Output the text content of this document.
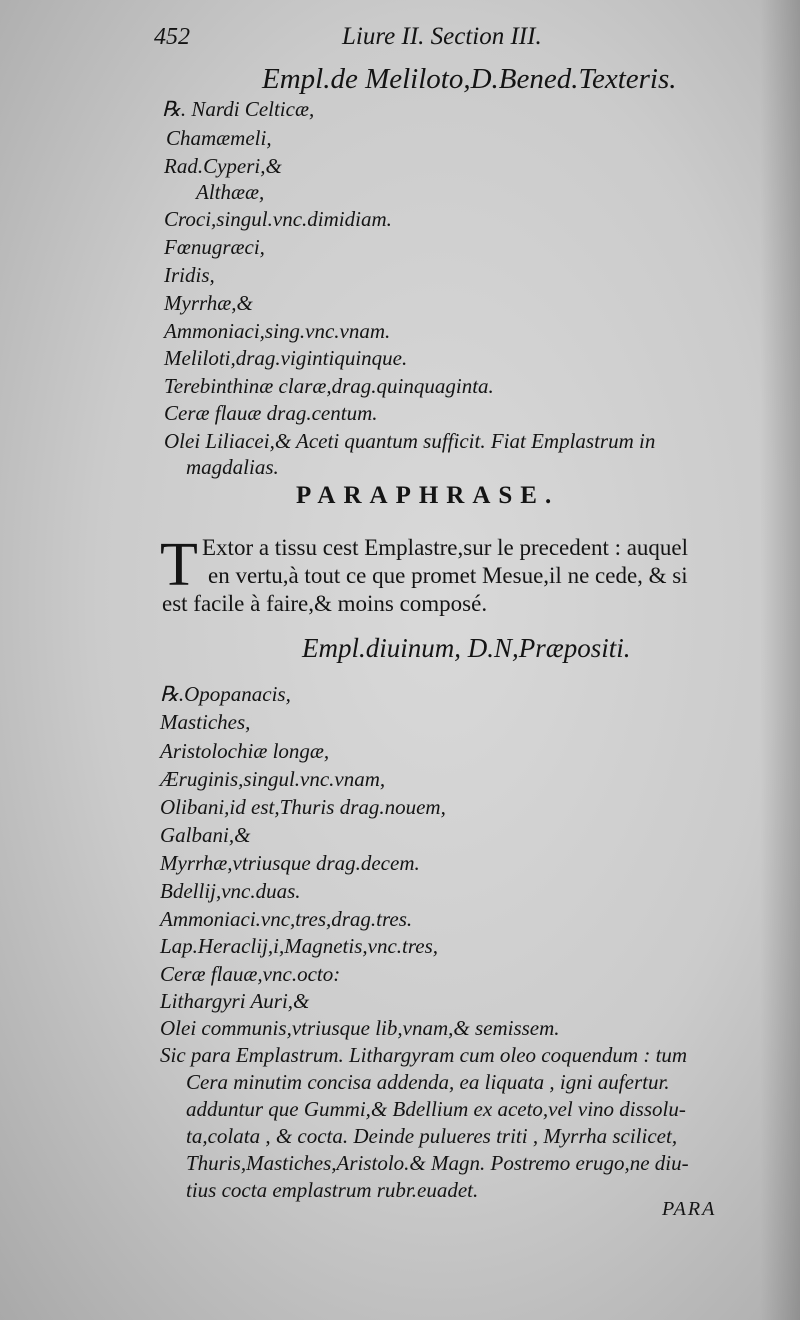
452	Liure II. Section III.
Empl.de Meliloto,D.Bened.Texteris.
℞. Nardi Celticæ,
Chamæmeli,
Rad.Cyperi,&
Althææ,
Croci,singul.vnc.dimidiam.
Fœnugræci,
Iridis,
Myrrhæ,&
Ammoniaci,sing.vnc.vnam.
Meliloti,drag.vigintiquinque.
Terebinthinæ claræ,drag.quinquaginta.
Ceræ flauæ drag.centum.
Olei Liliacei,& Aceti quantum sufficit. Fiat Emplastrum in
magdalias.
PARAPHRASE.
T Extor a tissu cest Emplastre,sur le precedent : auquel
en vertu,à tout ce que promet Mesue,il ne cede, & si
est facile à faire,& moins composé.
Empl.diuinum, D.N,Præpositi.
℞.Opopanacis,
Mastiches,
Aristolochiæ longæ,
Æruginis,singul.vnc.vnam,
Olibani,id est,Thuris drag.nouem,
Galbani,&
Myrrhæ,vtriusque drag.decem.
Bdellij,vnc.duas.
Ammoniaci.vnc,tres,drag.tres.
Lap.Heraclij,i,Magnetis,vnc.tres,
Ceræ flauæ,vnc.octo:
Lithargyri Auri,&
Olei communis,vtriusque lib,vnam,& semissem.
Sic para Emplastrum. Lithargyram cum oleo coquendum : tum
Cera minutim concisa addenda, ea liquata , igni aufertur.
adduntur que Gummi,& Bdellium ex aceto,vel vino dissolu-
ta,colata , & cocta. Deinde pulueres triti , Myrrha scilicet,
Thuris,Mastiches,Aristolo.& Magn. Postremo erugo,ne diu-
tius cocta emplastrum rubr.euadet.
PARA
